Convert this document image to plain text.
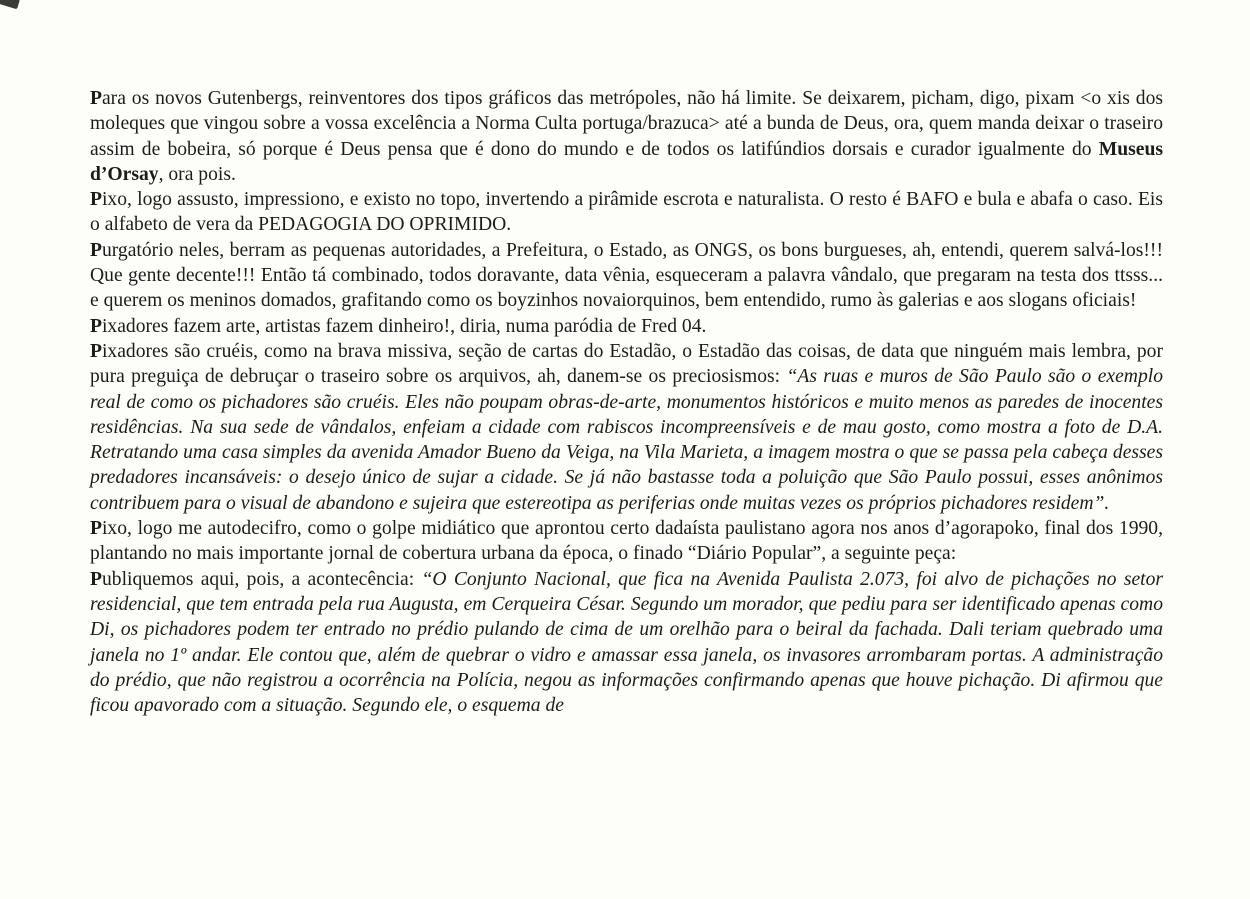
Para os novos Gutenbergs, reinventores dos tipos gráficos das metrópoles, não há limite. Se deixarem, picham, digo, pixam <o xis dos moleques que vingou sobre a vossa excelência a Norma Culta portuga/brazuca> até a bunda de Deus, ora, quem manda deixar o traseiro assim de bobeira, só porque é Deus pensa que é dono do mundo e de todos os latifúndios dorsais e curador igualmente do Museus d’Orsay, ora pois.

Pixo, logo assusto, impressiono, e existo no topo, invertendo a pirâmide escrota e naturalista. O resto é BAFO e bula e abafa o caso. Eis o alfabeto de vera da PEDAGOGIA DO OPRIMIDO.

Purgatório neles, berram as pequenas autoridades, a Prefeitura, o Estado, as ONGS, os bons burgueses, ah, entendi, querem salvá-los!!! Que gente decente!!! Então tá combinado, todos doravante, data vênia, esqueceram a palavra vândalo, que pregaram na testa dos ttsss... e querem os meninos domados, grafitando como os boyzinhos novaiorquinos, bem entendido, rumo às galerias e aos slogans oficiais!

Pixadores fazem arte, artistas fazem dinheiro!, diria, numa paródia de Fred 04.

Pixadores são cruéis, como na brava missiva, seção de cartas do Estadão, o Estadão das coisas, de data que ninguém mais lembra, por pura preguiça de debruçar o traseiro sobre os arquivos, ah, danem-se os preciosismos: “As ruas e muros de São Paulo são o exemplo real de como os pichadores são cruéis. Eles não poupam obras-de-arte, monumentos históricos e muito menos as paredes de inocentes residências. Na sua sede de vândalos, enfeiam a cidade com rabiscos incompreensíveis e de mau gosto, como mostra a foto de D.A. Retratando uma casa simples da avenida Amador Bueno da Veiga, na Vila Marieta, a imagem mostra o que se passa pela cabeça desses predadores incansáveis: o desejo único de sujar a cidade. Se já não bastasse toda a poluição que São Paulo possui, esses anônimos contribuem para o visual de abandono e sujeira que estereotipa as periferias onde muitas vezes os próprios pichadores residem”.

Pixo, logo me autodecifro, como o golpe midiático que aprontou certo dadaísta paulistano agora nos anos d’agorapoko, final dos 1990, plantando no mais importante jornal de cobertura urbana da época, o finado “Diário Popular”, a seguinte peça:

Publiquemos aqui, pois, a acontecência: “O Conjunto Nacional, que fica na Avenida Paulista 2.073, foi alvo de pichações no setor residencial, que tem entrada pela rua Augusta, em Cerqueira César. Segundo um morador, que pediu para ser identificado apenas como Di, os pichadores podem ter entrado no prédio pulando de cima de um orelhão para o beiral da fachada. Dali teriam quebrado uma janela no 1º andar. Ele contou que, além de quebrar o vidro e amassar essa janela, os invasores arrombaram portas. A administração do prédio, que não registrou a ocorrência na Polícia, negou as informações confirmando apenas que houve pichação. Di afirmou que ficou apavorado com a situação. Segundo ele, o esquema de
